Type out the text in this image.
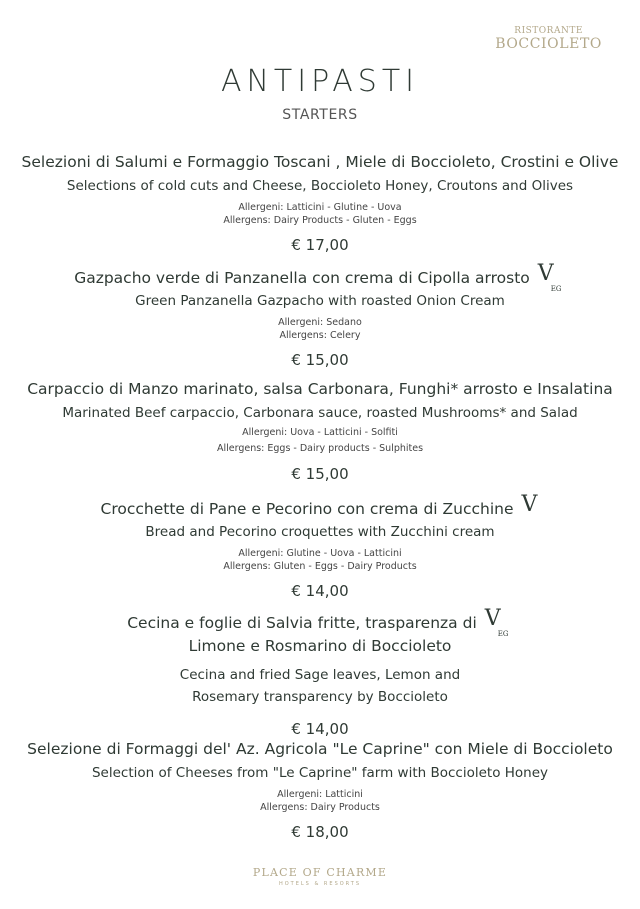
RISTORANTE
BOCCIOLETO
ANTIPASTI
STARTERS
Selezioni di Salumi e Formaggio Toscani , Miele di Boccioleto, Crostini e Olive
Selections of cold cuts and Cheese, Boccioleto Honey, Croutons and Olives
Allergeni: Latticini - Glutine - Uova
Allergens: Dairy Products - Gluten - Eggs
€ 17,00
Gazpacho verde di Panzanella con crema di Cipolla arrosto V
EG
Green Panzanella Gazpacho with roasted Onion Cream
Allergeni: Sedano
Allergens: Celery
€ 15,00
Carpaccio di Manzo marinato, salsa Carbonara, Funghi* arrosto e Insalatina
Marinated Beef carpaccio, Carbonara sauce, roasted Mushrooms* and Salad
Allergeni: Uova - Latticini - Solfiti
Allergens: Eggs - Dairy products - Sulphites
€ 15,00
Crocchette di Pane e Pecorino con crema di Zucchine V
Bread and Pecorino croquettes with Zucchini cream
Allergeni: Glutine - Uova - Latticini
Allergens: Gluten - Eggs - Dairy Products
€ 14,00
Cecina e foglie di Salvia fritte, trasparenza di V
EG
Limone e Rosmarino di Boccioleto
Cecina and fried Sage leaves, Lemon and
Rosemary transparency by Boccioleto
€ 14,00
Selezione di Formaggi del' Az. Agricola "Le Caprine" con Miele di Boccioleto
Selection of Cheeses from "Le Caprine" farm with Boccioleto Honey
Allergeni: Latticini
Allergens: Dairy Products
€ 18,00
PLACE OF CHARME
HOTELS & RESORTS
